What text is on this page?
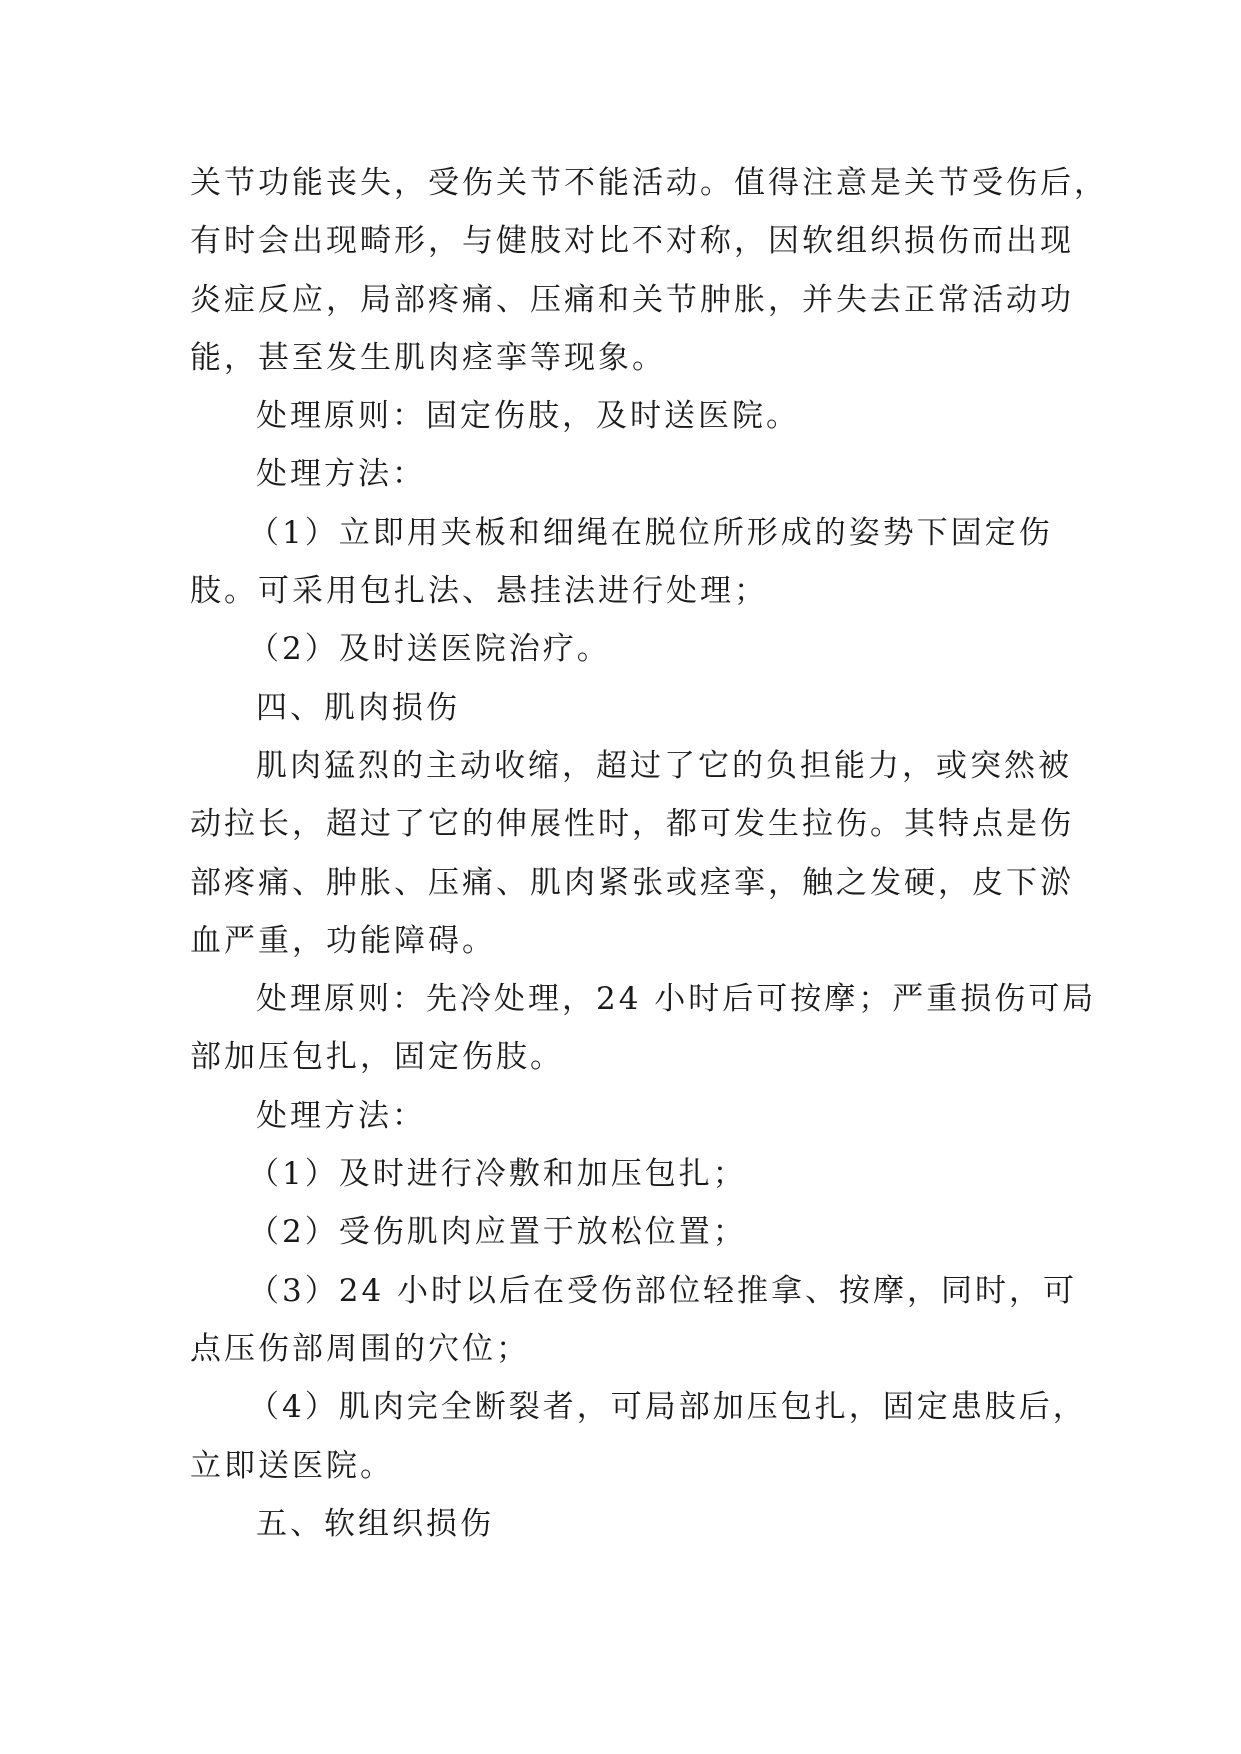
关节功能丧失，受伤关节不能活动。值得注意是关节受伤后，
有时会出现畸形，与健肢对比不对称，因软组织损伤而出现
炎症反应，局部疼痛、压痛和关节肿胀，并失去正常活动功
能，甚至发生肌肉痉挛等现象。
处理原则：固定伤肢，及时送医院。
处理方法：
（1）立即用夹板和细绳在脱位所形成的姿势下固定伤
肢。可采用包扎法、悬挂法进行处理；
（2）及时送医院治疗。
四、肌肉损伤
肌肉猛烈的主动收缩，超过了它的负担能力，或突然被
动拉长，超过了它的伸展性时，都可发生拉伤。其特点是伤
部疼痛、肿胀、压痛、肌肉紧张或痉挛，触之发硬，皮下淤
血严重，功能障碍。
处理原则：先冷处理，24 小时后可按摩；严重损伤可局
部加压包扎，固定伤肢。
处理方法：
（1）及时进行冷敷和加压包扎；
（2）受伤肌肉应置于放松位置；
（3）24 小时以后在受伤部位轻推拿、按摩，同时，可
点压伤部周围的穴位；
（4）肌肉完全断裂者，可局部加压包扎，固定患肢后，
立即送医院。
五、软组织损伤
